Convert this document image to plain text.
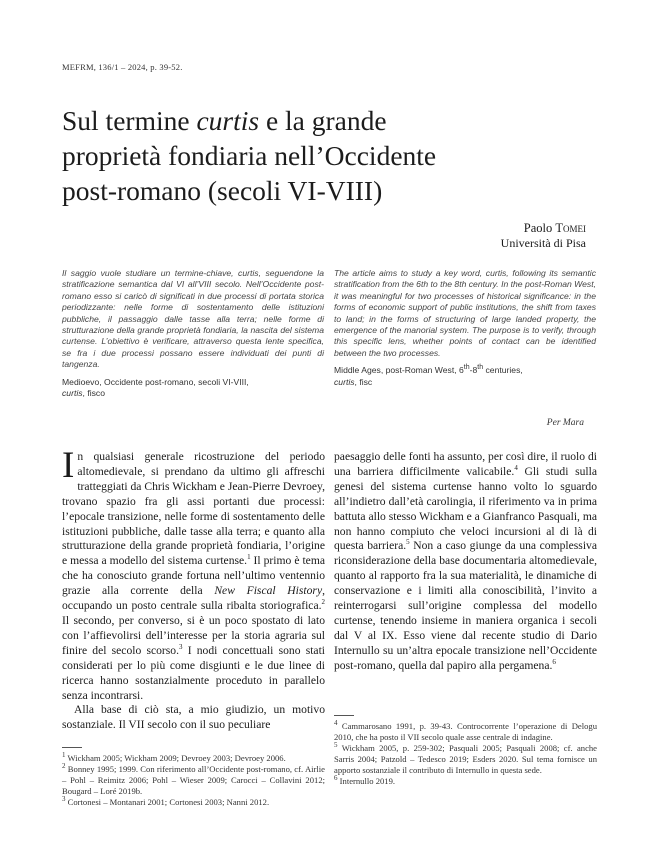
MEFRM, 136/1 – 2024, p. 39-52.

Sul termine curtis e la grande

proprietà fondiaria nell’Occidente

post-romano (secoli VI-VIII)

Paolo Tomei
Università di Pisa
Il saggio vuole studiare un termine-chiave, curtis, seguendone la stratificazione semantica dal VI all’VIII secolo. Nell’Occidente post-romano esso si caricò di significati in due processi di portata storica periodizzante: nelle forme di sostentamento delle istituzioni pubbliche, il passaggio dalle tasse alla terra; nelle forme di strutturazione della grande proprietà fondiaria, la nascita del sistema curtense. L’obiettivo è verificare, attraverso questa lente specifica, se fra i due processi possano essere individuati dei punti di tangenza.
Medioevo, Occidente post-romano, secoli VI-VIII,
curtis, fisco
The article aims to study a key word, curtis, following its semantic stratification from the 6th to the 8th century. In the post-Roman West, it was meaningful for two processes of historical significance: in the forms of economic support of public institutions, the shift from taxes to land; in the forms of structuring of large landed property, the emergence of the manorial system. The purpose is to verify, through this specific lens, whether points of contact can be identified between the two processes.
Middle Ages, post-Roman West, 6th-8th centuries,
curtis, fisc
Per Mara

In qualsiasi generale ricostruzione del periodo altomedievale, si prendano da ultimo gli affreschi tratteggiati da Chris Wickham e Jean-Pierre Devroey, trovano spazio fra gli assi portanti due processi: l’epocale transizione, nelle forme di sostentamento delle istituzioni pubbliche, dalle tasse alla terra; e quanto alla strutturazione della grande proprietà fondiaria, l’origine e messa a modello del sistema curtense.$^1$ Il primo è tema che ha conosciuto grande fortuna nell’ultimo ventennio grazie alla corrente della New Fiscal History, occupando un posto centrale sulla ribalta storiografica.$^2$ Il secondo, per converso, si è un poco spostato di lato con l’affievolirsi dell’interesse per la storia agraria sul finire del secolo scorso.$^3$ I nodi concettuali sono stati considerati per lo più come disgiunti e le due linee di ricerca hanno sostanzialmente proceduto in parallelo senza incontrarsi.

Alla base di ciò sta, a mio giudizio, un motivo sostanziale. Il VII secolo con il suo peculiare

paesaggio delle fonti ha assunto, per così dire, il ruolo di una barriera difficilmente valicabile.$^4$ Gli studi sulla genesi del sistema curtense hanno volto lo sguardo all’indietro dall’età carolingia, il riferimento va in prima battuta allo stesso Wickham e a Gianfranco Pasquali, ma non hanno compiuto che veloci incursioni al di là di questa barriera.$^5$ Non a caso giunge da una complessiva riconsiderazione della base documentaria altomedievale, quanto al rapporto fra la sua materialità, le dinamiche di conservazione e i limiti alla conoscibilità, l’invito a reinterrogarsi sull’origine complessa del modello curtense, tenendo insieme in maniera organica i secoli dal V al IX. Esso viene dal recente studio di Dario Internullo su un’altra epocale transizione nell’Occidente post-romano, quella dal papiro alla pergamena.$^6$

$^1$ Wickham 2005; Wickham 2009; Devroey 2003; Devroey 2006.

$^2$ Bonney 1995; 1999. Con riferimento all’Occidente post-romano, cf. Airlie – Pohl – Reimitz 2006; Pohl – Wieser 2009; Carocci – Collavini 2012; Bougard – Loré 2019b.

$^3$ Cortonesi – Montanari 2001; Cortonesi 2003; Nanni 2012.

$^4$ Cammarosano 1991, p. 39-43. Controcorrente l’operazione di Delogu 2010, che ha posto il VII secolo quale asse centrale di indagine.

$^5$ Wickham 2005, p. 259-302; Pasquali 2005; Pasquali 2008; cf. anche Sarris 2004; Patzold – Tedesco 2019; Esders 2020. Sul tema fornisce un apporto sostanziale il contributo di Internullo in questa sede.

$^6$ Internullo 2019.
